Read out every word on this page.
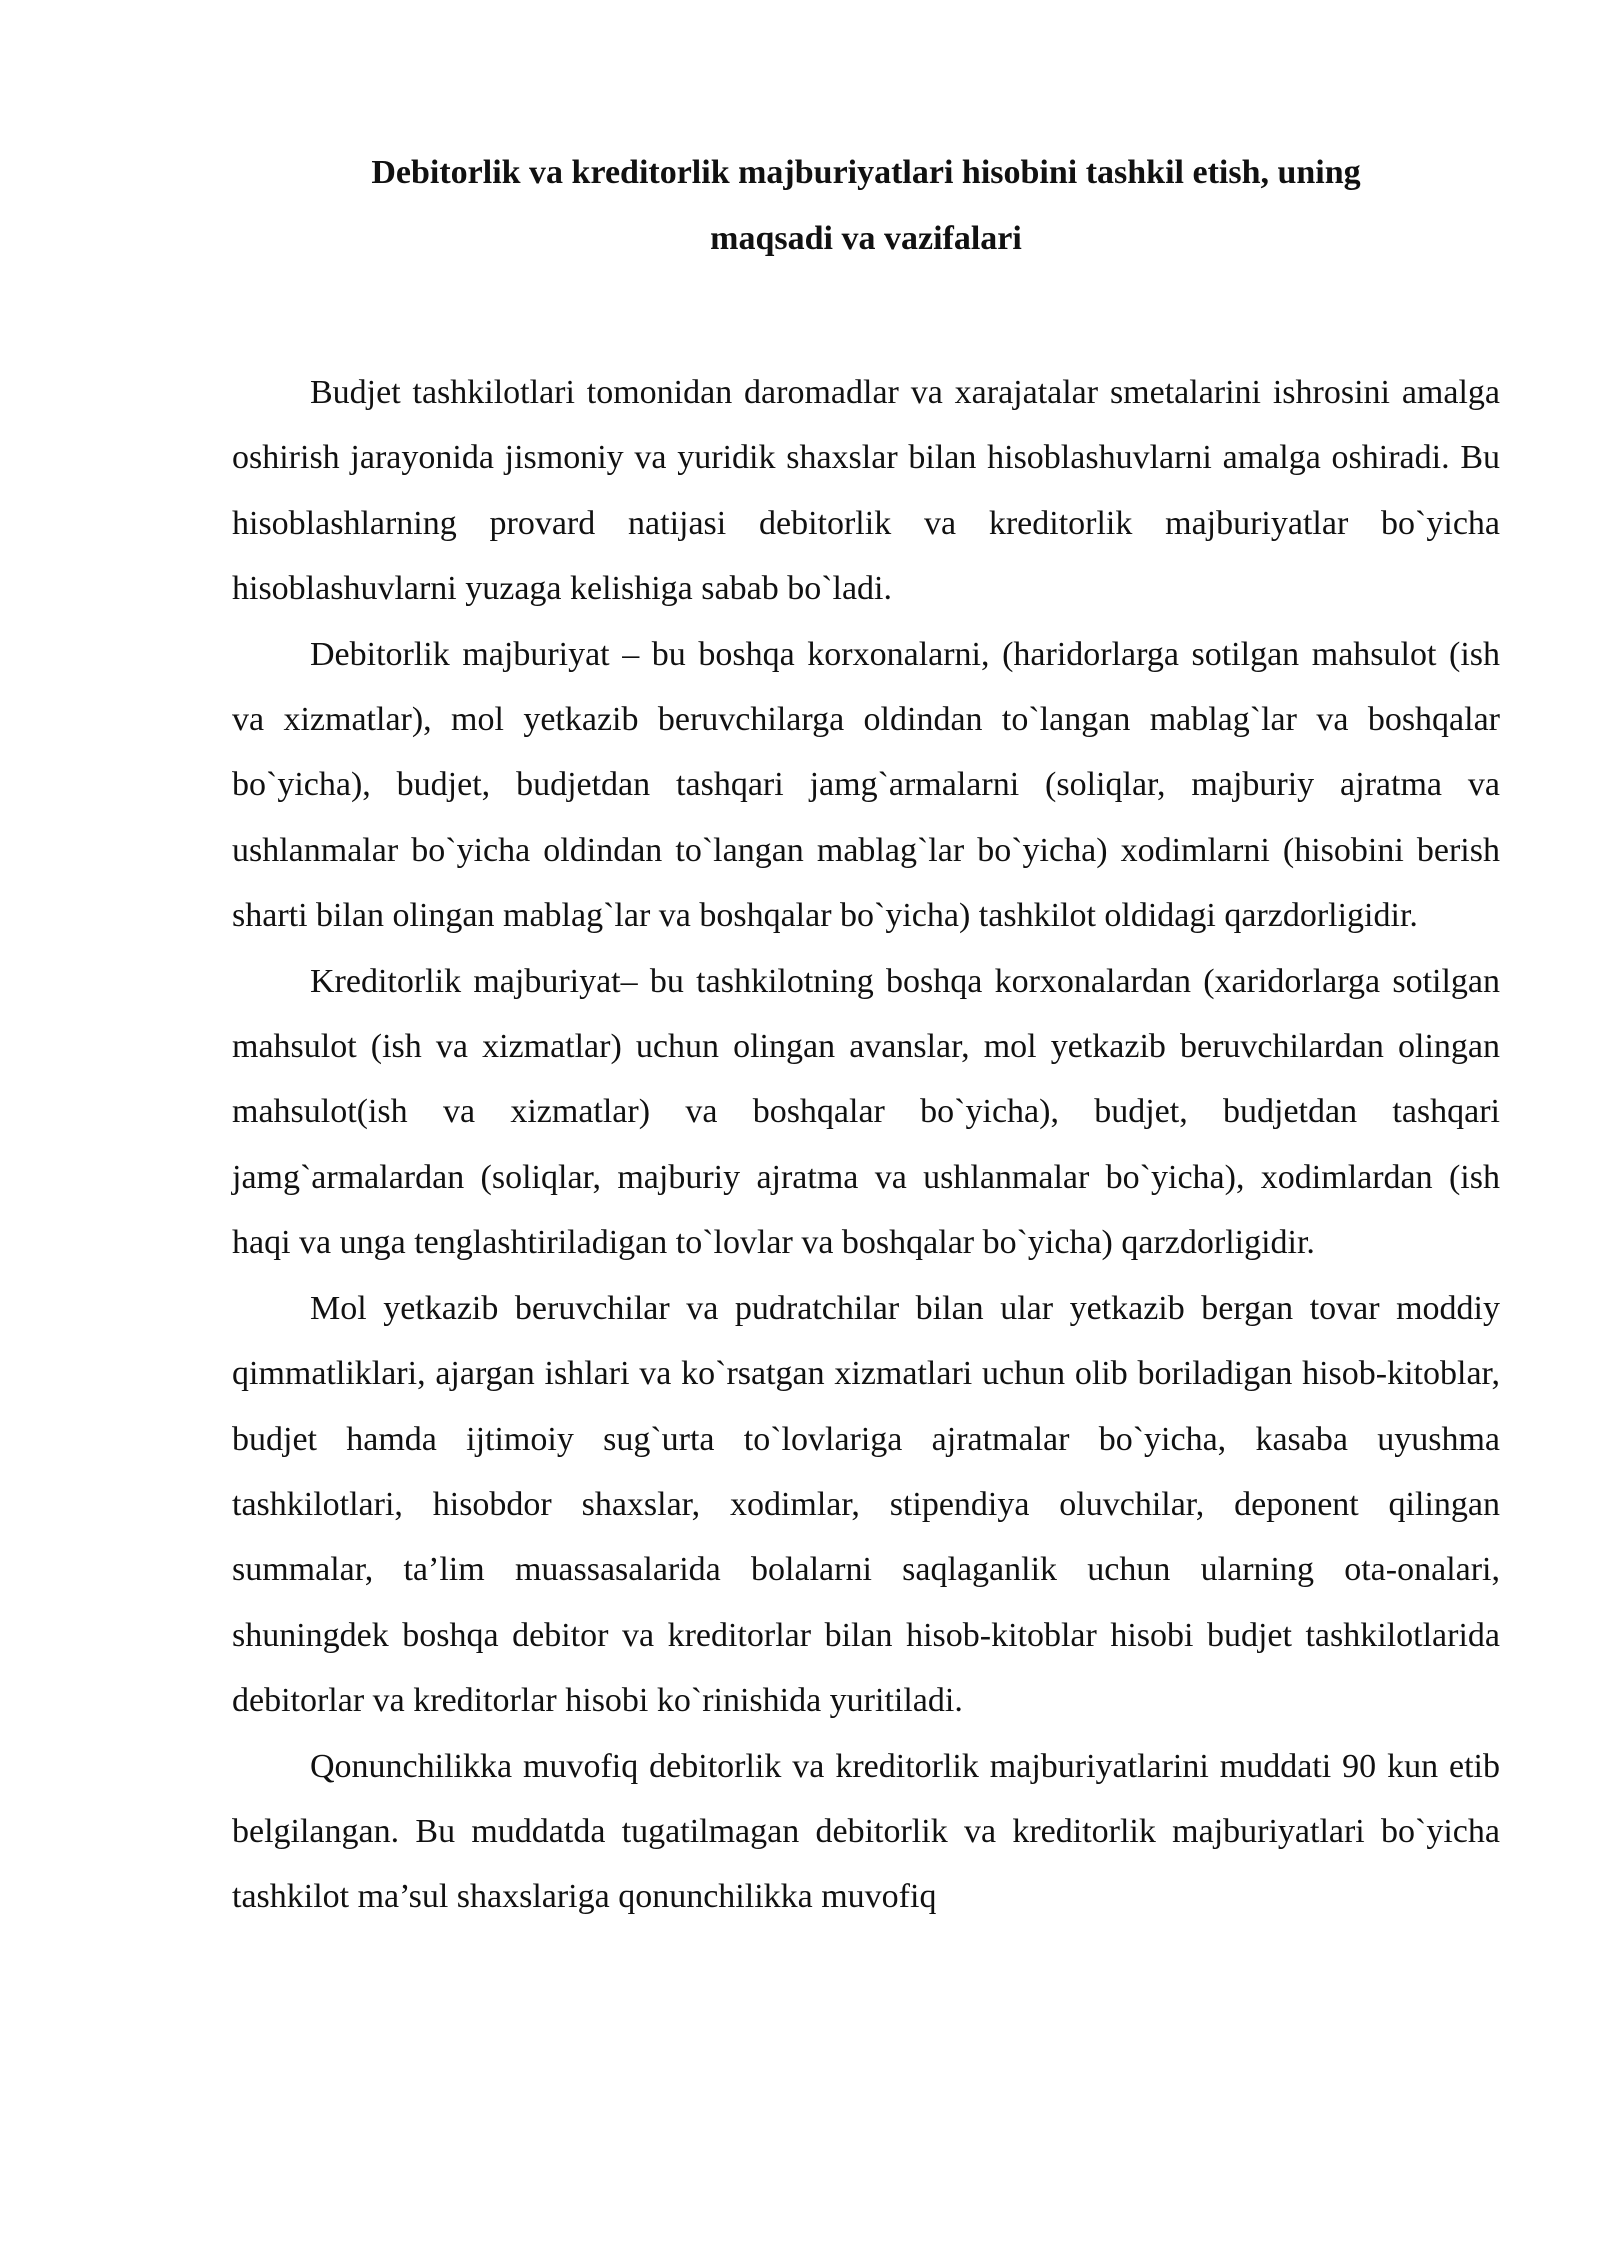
Debitorlik va kreditorlik majburiyatlari hisobini tashkil etish, uning
maqsadi va vazifalari

Budjet tashkilotlari tomonidan daromadlar va xarajatalar smetalarini ishrosini amalga oshirish jarayonida jismoniy va yuridik shaxslar bilan hisoblashuvlarni amalga oshiradi. Bu hisoblashlarning provard natijasi debitorlik va kreditorlik majburiyatlar bo`yicha hisoblashuvlarni yuzaga kelishiga sabab bo`ladi.

Debitorlik majburiyat – bu boshqa korxonalarni, (haridorlarga sotilgan mahsulot (ish va xizmatlar), mol yetkazib beruvchilarga oldindan to`langan mablag`lar va boshqalar bo`yicha), budjet, budjetdan tashqari jamg`armalarni (soliqlar, majburiy ajratma va ushlanmalar bo`yicha oldindan to`langan mablag`lar bo`yicha) xodimlarni (hisobini berish sharti bilan olingan mablag`lar va boshqalar bo`yicha) tashkilot oldidagi qarzdorligidir.

Kreditorlik majburiyat– bu tashkilotning boshqa korxonalardan (xaridorlarga sotilgan mahsulot (ish va xizmatlar) uchun olingan avanslar, mol yetkazib beruvchilardan olingan mahsulot(ish va xizmatlar) va boshqalar bo`yicha), budjet, budjetdan tashqari jamg`armalardan (soliqlar, majburiy ajratma va ushlanmalar bo`yicha), xodimlardan (ish haqi va unga tenglashtiriladigan to`lovlar va boshqalar bo`yicha) qarzdorligidir.

Mol yetkazib beruvchilar va pudratchilar bilan ular yetkazib bergan tovar moddiy qimmatliklari, ajargan ishlari va ko`rsatgan xizmatlari uchun olib boriladigan hisob-kitoblar, budjet hamda ijtimoiy sug`urta to`lovlariga ajratmalar bo`yicha, kasaba uyushma tashkilotlari, hisobdor shaxslar, xodimlar, stipendiya oluvchilar, deponent qilingan summalar, ta’lim muassasalarida bolalarni saqlaganlik uchun ularning ota-onalari, shuningdek boshqa debitor va kreditorlar bilan hisob-kitoblar hisobi budjet tashkilotlarida debitorlar va kreditorlar hisobi ko`rinishida yuritiladi.

Qonunchilikka muvofiq debitorlik va kreditorlik majburiyatlarini muddati 90 kun etib belgilangan. Bu muddatda tugatilmagan debitorlik va kreditorlik majburiyatlari bo`yicha tashkilot ma’sul shaxslariga qonunchilikka muvofiq
